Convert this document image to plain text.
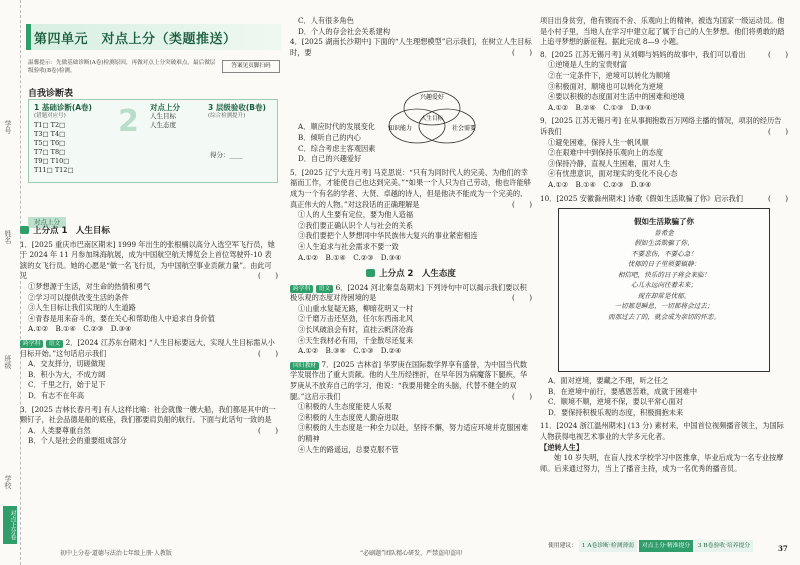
学号
姓名
班级
学校
对点上分卷
第四单元　对点上分（类题推送）
温馨提示：先做基础诊断(A卷)检测原因，再做对点上分突破难点，最后做层级验收(B卷)检测。
答案见页脚扫码
自我诊断表
1 基础诊断(A卷)
(错题对应号)
T1□ T2□
T3□ T4□
T5□ T6□
T7□ T8□
T9□ T10□
T11□ T12□
2	对点上分
人生目标
人生态度
3 层级验收(B卷)
(综合检测提升)
得分：____
对点上分
上分点 1　人生目标

1．[2025 重庆市巴南区期末] 1999 年出生的张根楠以高分入选空军飞行员，她于 2024 年 11 月参加珠海航展，成为中国航空航天博览会上首位驾驶歼-10 表演的女飞行员。她的心愿是“做一名飞行员，为中国航空事业贡献力量”。由此可见	(　　)

①梦想源于生活，对生命的热情和勇气
②学习可以提供改变生活的条件
③人生目标让我们实现的人生道路
④青春是用来奋斗的，要在关心和帮助他人中追求自身价值
A.①②　B.①④　C.②③　D.③④

跨学科 语文 2．[2024 江苏东台期末] “人生目标要远大，实现人生目标需从小目标开始。”这句话启示我们	(　　)

A．交友择分，切磋做现
B．积小为大，不成方阔
C．千里之行，始于足下
D．有志不在年高

3．[2025 吉林长春月考] 有人这样比喻：社会就像一艘大船，我们都是其中的一颗钉子，社会品德是船的底座，我们都要肩负船的航行。下面与此话句一致的是
(　　)

A．人类要尊重自然
B．个人是社会的重要组成部分
初中上分卷·道德与法治七年级上册·人教版
C．人有很多角色
D．个人的存会社会关系建构

4．[2025 湖南长沙期中] 下面的“人生理想模型”启示我们，在树立人生目标时，要	(　　)

A．顺应时代的发展变化
B．倾听自己的内心
C．综合考虑主客观因素
D．自己的兴趣爱好

5．[2025 辽宁大连月考] 马克思说：“只有为同时代人的完美、为他们的幸福而工作，才能使自己也达到完美。”“如果一个人只为自己劳动，他也许能够成为一个有名的学者、大贤、卓越的诗人，但是他决不能成为一个完美的、真正伟大的人物。”对这段话的正确理解是	(　　)

①人的人生要有定位，要为他人造福
②我们要正确认识个人与社会的关系
③我们要把个人梦想同中华民族伟大复兴的事业紧密相连
④人生追求与社会需求不要一致
A.①②　B.①④　C.②③　D.③④
上分点 2　人生态度

跨学科 语文 6．[2024 河北秦皇岛期末] 下列诗句中可以揭示我们要以积极乐观的态度对待困境的是	(　　)

①山重水复疑无路，柳暗花明又一村
②千磨万击还坚劲，任尔东西南北风
③长风破浪会有时，直挂云帆济沧海
④天生我材必有用，千金散尽还复来
A.①②　B.③④　C.①③　D.②④

回归教材 7．[2025 吉林省] 华罗庚在国际数学界享有盛誉，为中国当代数学发展作出了重大贡献。他的人生历经挫折，在早年因为病魔落下腿疾，华罗庚从不放弃自己的学习，他说：“我要用健全的头脑，代替不健全的双腿。”这启示我们	(　　)

①积极的人生态度能使人乐观
②积极的人生态度使人勤奋进取
③积极的人生态度是一种全力以赴，坚持不懈，努力适应环境并克服困难的精神
④人生的路遥远，总要克服不管
兴趣爱好
知识能力	社会需要
人生目标
“必刷题”团队精心研发，严禁盗印盗印

项目出身贫穷，他有锲而不舍、乐观向上的精神，被选为国家一级运动员。他是小村子里，当地人在学习中建立起了属于自己的人生梦想。他们将勇敢的踏上追寻梦想的新征程。据此完成 8—9 小题。

8．[2025 江苏无锡月考] 从刘卿与妈妈的故事中，我们可以看出	(　　)

①逆境是人生的宝贵财富
②在一定条件下，逆境可以转化为顺境
③积极面对，顺境也可以转化为逆境
④要以积极的态度面对生活中的困难和逆境
A.①②　B.②④　C.①③　D.③④

9．[2025 江苏无锡月考] 在从事拥抱数百万网络主播的情况，项羽的经历告诉我们	(　　)

①避免困难，保持人生一帆风顺
②在艰难中中到保持乐观向上的态度
③保持冷静，直视人生困难，面对人生
④有忧患意识，面对现实的变化不良心态
A.①②　B.①④　C.②③　D.③④

10．[2025 安徽滁州期末] 诗歌《假如生活欺骗了你》启示我们	(　　)

假如生活欺骗了你
普希金
假如生活欺骗了你，
不要悲伤，不要心急！
忧郁的日子里须要镇静：
相信吧，快乐的日子将会来临！
心儿永远向往着未来；
现在却常是忧郁。
一切都是瞬息，一切都将会过去；
而那过去了的，就会成为亲切的怀恋。
A．面对逆境，要藏之不理，听之任之
B．在逆境中前行，要感恩苦难，成就于困难中
C．顺境不顺，逆境不保，要以平常心面对
D．要保持积极乐观的态度，积极拥抱未来

11．[2024 浙江温州期末] (13 分) 素材来，中国首位视频播音领主，为国际人物获得电视艺术事业的大学多元化者。

【逆转人生】

她 10 岁失明，在盲人技术学校学习中医推拿，毕业后成为一名专业按摩师。后来通过努力，当上了播音主持，成为一名优秀的播音员。

使用建议： 1 A卷诊断·检测薄弱 对点上分·精准提分 3 B卷验收·培养提分	37
